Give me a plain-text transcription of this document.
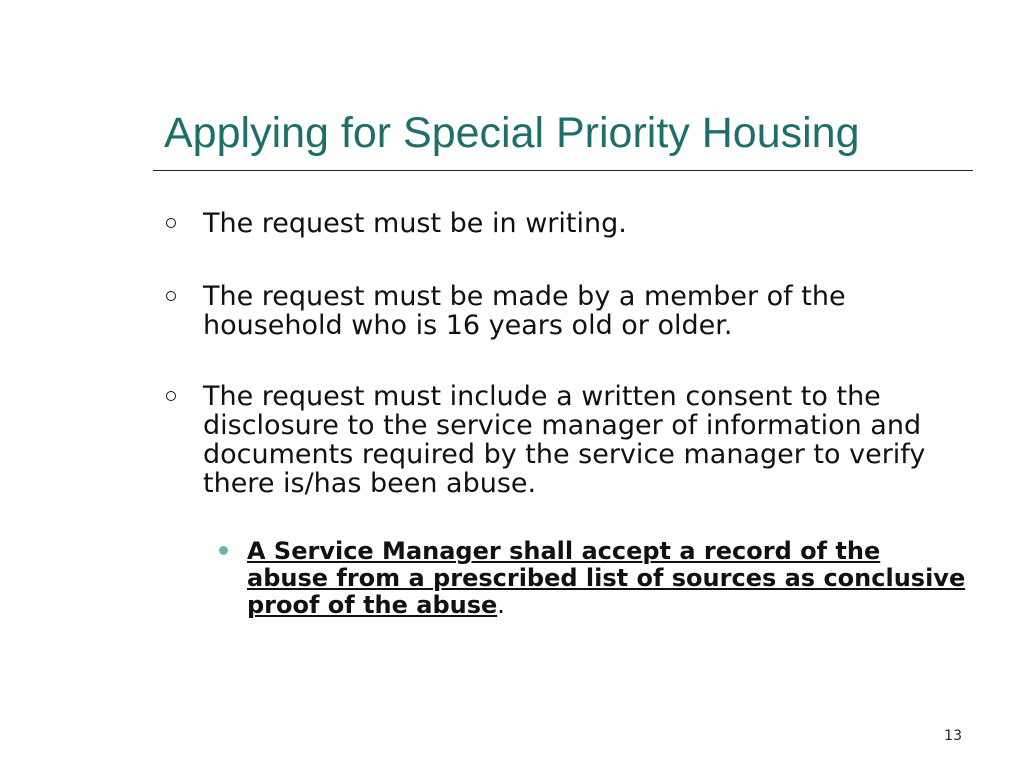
Applying for Special Priority Housing
The request must be in writing.
The request must be made by a member of the household who is 16 years old or older.
The request must include a written consent to the disclosure to the service manager of information and documents required by the service manager to verify there is/has been abuse.
A Service Manager shall accept a record of the abuse from a prescribed list of sources as conclusive proof of the abuse.
13
